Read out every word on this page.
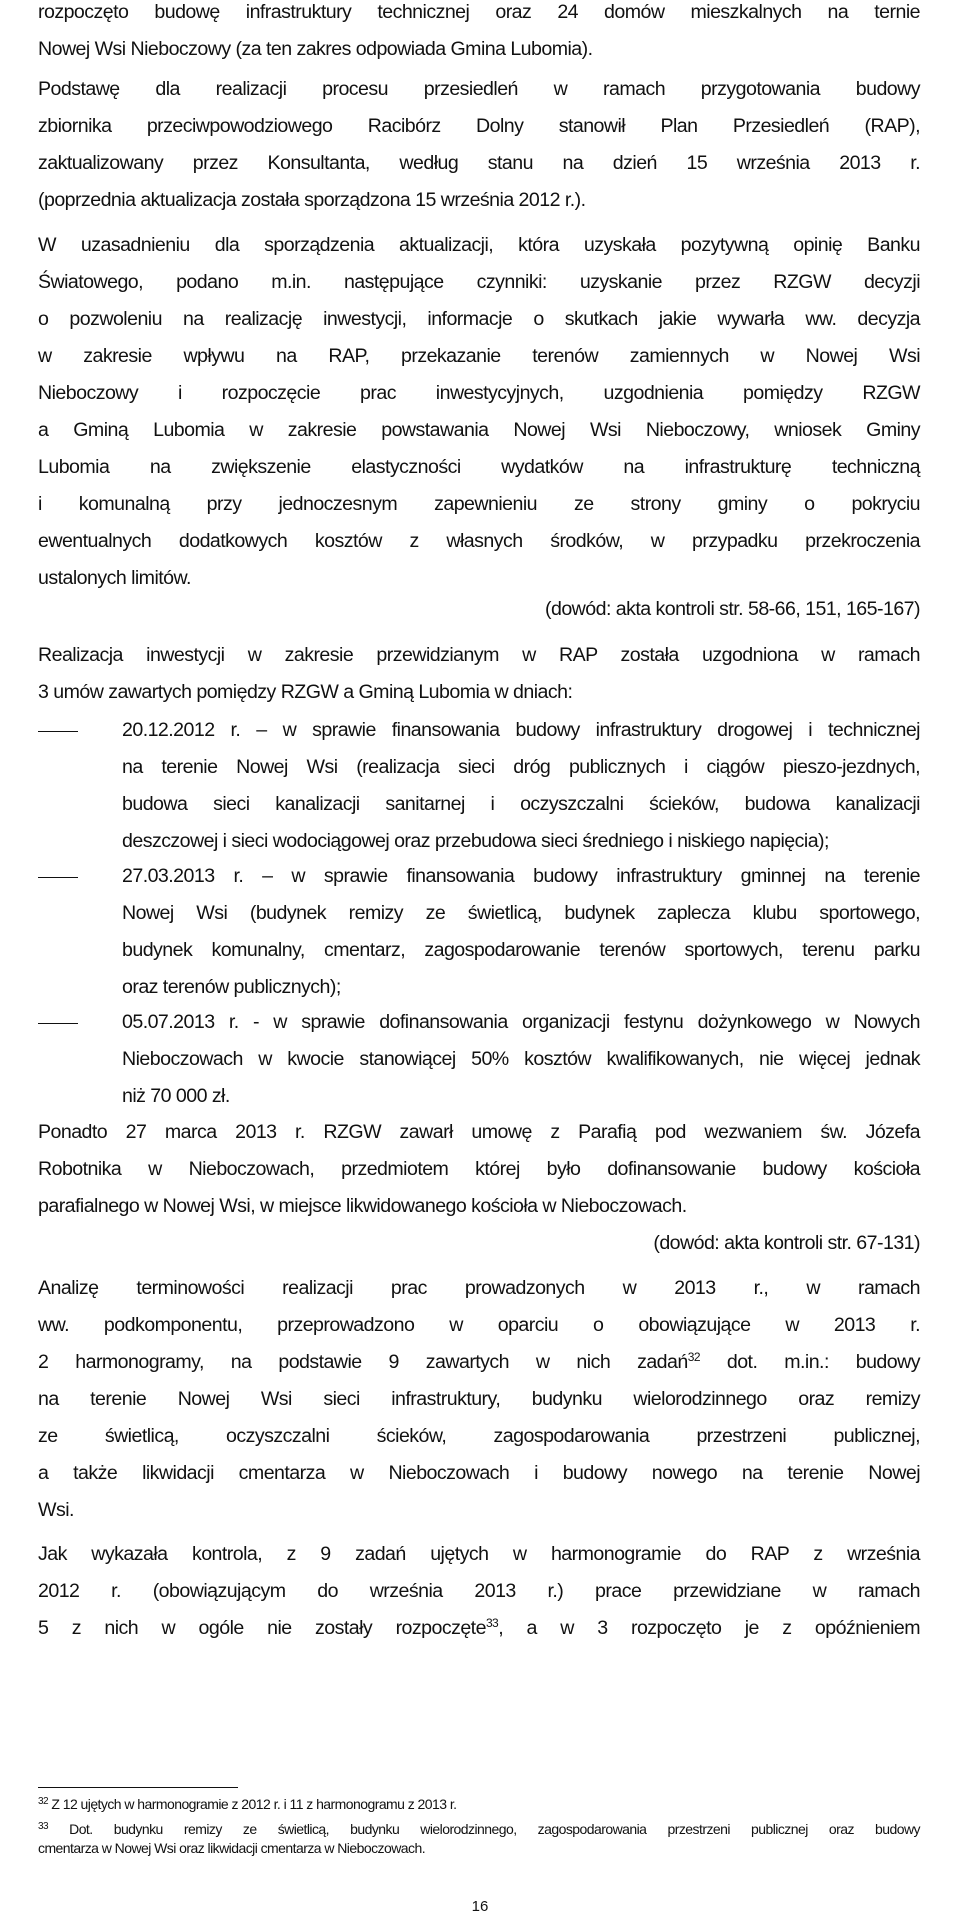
rozpoczęto budowę infrastruktury technicznej oraz 24 domów mieszkalnych na ternie
Nowej Wsi Nieboczowy (za ten zakres odpowiada Gmina Lubomia).
Podstawę dla realizacji procesu przesiedleń w ramach przygotowania budowy
zbiornika przeciwpowodziowego Racibórz Dolny stanowił Plan Przesiedleń (RAP),
zaktualizowany przez Konsultanta, według stanu na dzień 15 września 2013 r.
(poprzednia aktualizacja została sporządzona 15 września 2012 r.).
W uzasadnieniu dla sporządzenia aktualizacji, która uzyskała pozytywną opinię Banku
Światowego, podano m.in. następujące czynniki: uzyskanie przez RZGW decyzji
o pozwoleniu na realizację inwestycji, informacje o skutkach jakie wywarła ww. decyzja
w zakresie wpływu na RAP, przekazanie terenów zamiennych w Nowej Wsi
Nieboczowy i rozpoczęcie prac inwestycyjnych, uzgodnienia pomiędzy RZGW
a Gminą Lubomia w zakresie powstawania Nowej Wsi Nieboczowy, wniosek Gminy
Lubomia na zwiększenie elastyczności wydatków na infrastrukturę techniczną
i komunalną przy jednoczesnym zapewnieniu ze strony gminy o pokryciu
ewentualnych dodatkowych kosztów z własnych środków, w przypadku przekroczenia
ustalonych limitów.
(dowód: akta kontroli str. 58-66, 151, 165-167)
Realizacja inwestycji w zakresie przewidzianym w RAP została uzgodniona w ramach
3 umów zawartych pomiędzy RZGW a Gminą Lubomia w dniach:
20.12.2012 r. – w sprawie finansowania budowy infrastruktury drogowej i technicznej
na terenie Nowej Wsi (realizacja sieci dróg publicznych i ciągów pieszo-jezdnych,
budowa sieci kanalizacji sanitarnej i oczyszczalni ścieków, budowa kanalizacji
deszczowej i sieci wodociągowej oraz przebudowa sieci średniego i niskiego napięcia);
27.03.2013 r. – w sprawie finansowania budowy infrastruktury gminnej na terenie
Nowej Wsi (budynek remizy ze świetlicą, budynek zaplecza klubu sportowego,
budynek komunalny, cmentarz, zagospodarowanie terenów sportowych, terenu parku
oraz terenów publicznych);
05.07.2013 r. - w sprawie dofinansowania organizacji festynu dożynkowego w Nowych
Nieboczowach w kwocie stanowiącej 50% kosztów kwalifikowanych, nie więcej jednak
niż 70 000 zł.
Ponadto 27 marca 2013 r. RZGW zawarł umowę z Parafią pod wezwaniem św. Józefa
Robotnika w Nieboczowach, przedmiotem której było dofinansowanie budowy kościoła
parafialnego w Nowej Wsi, w miejsce likwidowanego kościoła w Nieboczowach.
(dowód: akta kontroli str. 67-131)
Analizę terminowości realizacji prac prowadzonych w 2013 r., w ramach
ww. podkomponentu, przeprowadzono w oparciu o obowiązujące w 2013 r.
2 harmonogramy, na podstawie 9 zawartych w nich zadań$^{32}$ dot. m.in.: budowy
na terenie Nowej Wsi sieci infrastruktury, budynku wielorodzinnego oraz remizy
ze świetlicą, oczyszczalni ścieków, zagospodarowania przestrzeni publicznej,
a także likwidacji cmentarza w Nieboczowach i budowy nowego na terenie Nowej
Wsi.
Jak wykazała kontrola, z 9 zadań ujętych w harmonogramie do RAP z września
2012 r. (obowiązującym do września 2013 r.) prace przewidziane w ramach
5 z nich w ogóle nie zostały rozpoczęte$^{33}$, a w 3 rozpoczęto je z opóźnieniem
$^{32}$ Z 12 ujętych w harmonogramie z 2012 r. i 11 z harmonogramu z 2013 r.
$^{33}$ Dot. budynku remizy ze świetlicą, budynku wielorodzinnego, zagospodarowania przestrzeni publicznej oraz budowy
cmentarza w Nowej Wsi oraz likwidacji cmentarza w Nieboczowach.
16
